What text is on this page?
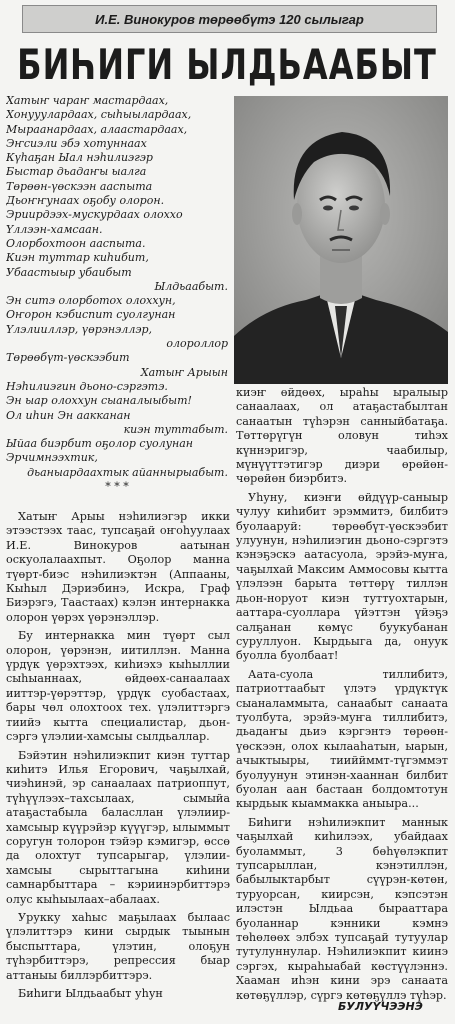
И.Е. Винокуров төрөөбүтэ 120 сылыгар
БИҺИГИ ЫЛДЬААБЫТ
Хатыҥ чараҥ мастардаах,
Хонууулардаах, сыһыылардаах,
Мыраанардаах, алаастардаах,
Эҥсиэли эбэ хотуннаах
Күһаҕан Ыал нэһилиэгэр
Быстар дьадаҥы ыалга
Төрөөн-үөскээн ааспыта
Дьоҥҥунаах оҕобу олорон.
Эриирдээх-мускурдаах олоххо
Үллээн-хамсаан.
Олорбохтоон ааспыта.
Киэн туттар киһибит,
Убаастыыр убаибыт
Ылдьаабыт.
Эн ситэ олорботох олоххун,
Оҥорон кэбиспит суолгунан
Үлэлииллэр, үөрэнэллэр,
олороллор
Төрөөбүт-үөскээбит
Хатыҥ Арыын
Нэһилиэгин дьоно-сэргэтэ.
Эн ыар олоххун сыаналыыбыт!
Ол иһин Эн аакканан
киэн туттабыт.
Ыйаа биэрбит оҕолор суолунан
Эрчимнээхтик,
дьаныардаахтык айаннырыабыт.
* * *

Хатыҥ Арыы нэһилиэгэр икки этээстээх таас, тупсаҕай оҥоһуулаах И.Е. Винокуров аатынан оскуолалаахпыт. Оҕолор манна түөрт-биэс нэһилиэктэн (Аппааны, Кыһыл Дэриэбинэ, Искра, Граф Биэрэгэ, Таастаах) кэлэн интернакка олорон үөрэх үөрэнэллэр.

Бу интернакка мин түөрт сыл олорон, үөрэнэн, иитиллэн. Манна үрдүк үөрэхтээх, киһиэхэ кыһыллии сыһыаннаах, өйдөөх-санаалаах ииттэр-үөрэттэр, үрдүк суобастаах, бары чөл олохтоох тех. үлэлиттэргэ тиийэ кытта специалистар, дьон-сэргэ үлэлии-хамсыы сылдьаллар.

Бэйэтин нэһилиэкпит киэн туттар киһитэ Илья Егорович, чаҕылхай, чиэһинэй, эр санаалаах патриоппут, түһүүлээх–тахсылаах, сымыйа атаҕастабыла баласллан үлэлиир-хамсыыр күүрэйэр күүүгэр, ылыммыт соругун толорон тэйэр кэмигэр, өссө да олохтут тупсарыгар, үлэлии-хамсыы сырыттагына киһини самнарбыттара – кэриинэрбиттэрэ олус кыһыылаах–абалаах.

Урукку хаһыс маҕылаах былаас үлэлиттэрэ кини сырдык тыынын быспыттара, үлэтин, олоҕун түһэрбиттэрэ, репрессия быар аттаныы биллэрбиттэрэ.

Биһиги Ылдьаабыт уһун

киэҥ өйдөөх, ыраһы ыралыыр санаалаах, ол атаҕастабылтан санаатын түһэрэн санныйбатаҕа. Төттөрүгүн оловун тиһэх күннэригэр, чаабилыр, мүнүүттэтигэр диэри өрөйөн-чөрөйөн биэрбитэ.

Уһуну, киэҥи өйдүүр-саныыр чулуу киһибит эрэммитэ, билбитэ буолааруй: төрөөбүт-үөскээбит улуунун, нэһилиэгин дьоно-сэргэтэ кэнэҕэскэ аатасуола, эрэйэ-муҥа, чаҕылхай Максим Аммосовы кытта үлэлээн барыта төттөрү тиллэн дьон-норуот киэн туттуохтарын, ааттара-суоллара үйэттэн үйэҕэ салҕанан көмүс буукубанан суруллуон. Кырдьыга да, онуук буолла буолбаат!

Аата-суола тиллибитэ, патриоттаабыт үлэтэ үрдүктүк сыаналаммыта, санаабыт санаата туолбута, эрэйэ-муҥа тиллибитэ, дьадаҥы дьиэ кэргэнтэ төрөөн-үөскээн, олох кылааһатын, ыарын, ачыктыыры, тииййммт-түгэммэт буолуунун этинэн-хааннан билбит буолан аан бастаан болдомтотун кырдьык кыаммакка аныыра...

Биһиги нэһилиэкпит маннык чаҕылхай киһилээх, убайдаах буоламмыт, 3 бөһүөлэкпит тупсарыллан, кэнэтиллэн, бабылыктарбыт сүүрэн-көтөн, туруорсан, киирсэн, кэпсэтэн илэстэн Ылдьаа бырааттара буоланнар кэнники кэмнэ төһөлөөх элбэх тупсаҕай тутуулар тутулуннулар. Нэһилиэкпит киинэ сэргэх, кыраһыабай көстүүлэннэ. Хааман иһэн кини эрэ санаата көтөҕүллэр, сүргэ көтөҕүллэ түһэр.

БУЛУҮЧЭЭНЭ
